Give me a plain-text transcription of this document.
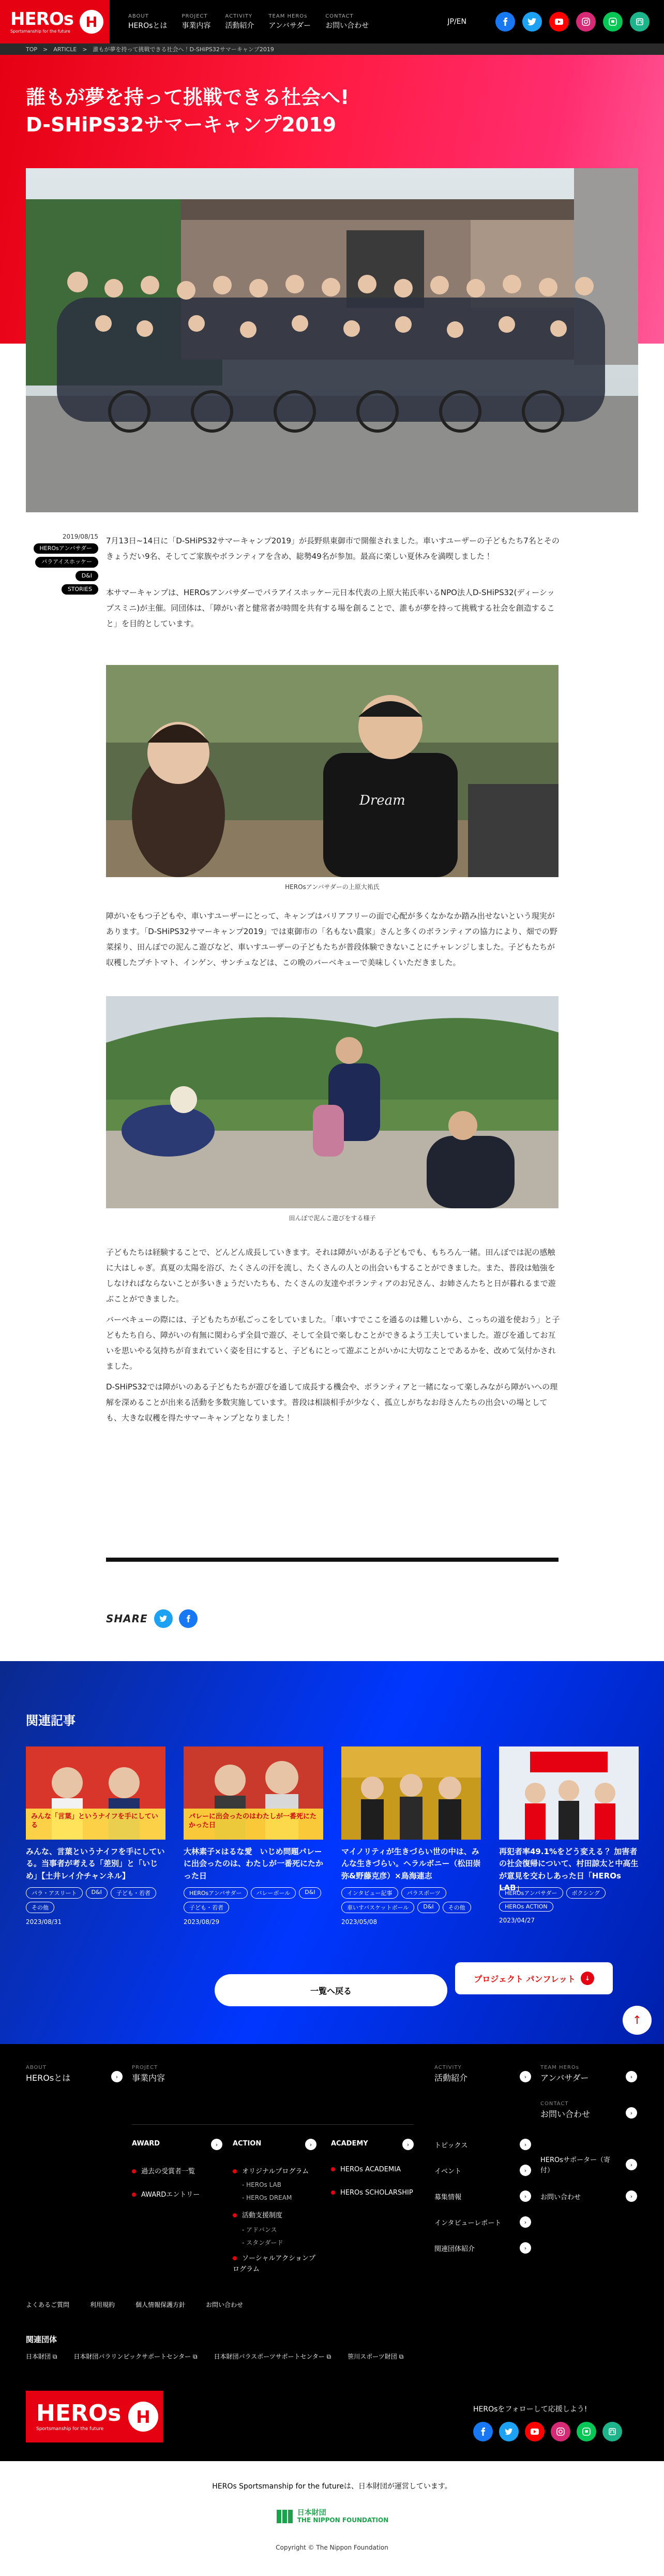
HEROs
Sportsmanship for the future
ABOUT
HEROsとは
PROJECT
事業内容
ACTIVITY
活動紹介
TEAM HEROs
アンバサダー
CONTACT
お問い合わせ	JP/EN
TOP　>　ARTICLE　>　誰もが夢を持って挑戦できる社会へ！D-SHiPS32サマーキャンプ2019
誰もが夢を持って挑戦できる社会へ!
D-SHiPS32サマーキャンプ2019
2019/08/15
HEROsアンバサダー
パラアイスホッケー
D&I
STORIES

7月13日~14日に「D-SHiPS32サマーキャンプ2019」が長野県東御市で開催されました。車いすユーザーの子どもたち7名とそのきょうだい9名、そしてご家族やボランティアを含め、総勢49名が参加。最高に楽しい夏休みを満喫しました！

本サマーキャンプは、HEROsアンバサダーでパラアイスホッケー元日本代表の上原大祐氏率いるNPO法人D-SHiPS32(ディーシップスミニ)が主催。同団体は、「障がい者と健常者が時間を共有する場を創ることで、誰もが夢を持って挑戦する社会を創造すること」を目的としています。

Dream

HEROsアンバサダーの上原大祐氏

障がいをもつ子どもや、車いすユーザーにとって、キャンプはバリアフリーの面で心配が多くなかなか踏み出せないという現実があります。「D-SHiPS32サマーキャンプ2019」では東御市の「名もない農家」さんと多くのボランティアの協力により、畑での野菜採り、田んぼでの泥んこ遊びなど、車いすユーザーの子どもたちが普段体験できないことにチャレンジしました。子どもたちが収穫したプチトマト、インゲン、サンチュなどは、この晩のバーベキューで美味しくいただきました。

田んぼで泥んこ遊びをする様子

子どもたちは経験することで、どんどん成長していきます。それは障がいがある子どもでも、もちろん一緒。田んぼでは泥の感触に大はしゃぎ。真夏の太陽を浴び、たくさんの汗を流し、たくさんの人との出会いもすることができました。また、普段は勉強をしなければならないことが多いきょうだいたちも、たくさんの友達やボランティアのお兄さん、お姉さんたちと日が暮れるまで遊ぶことができました。

バーベキューの際には、子どもたちが私ごっこをしていました。「車いすでここを通るのは難しいから、こっちの道を使おう」と子どもたち自ら、障がいの有無に関わらず全員で遊び、そして全員で楽しむことができるよう工夫していました。遊びを通してお互いを思いやる気持ちが育まれていく姿を目にすると、子どもにとって遊ぶことがいかに大切なことであるかを、改めて気付かされました。

D-SHiPS32では障がいのある子どもたちが遊びを通して成長する機会や、ボランティアと一緒になって楽しみながら障がいへの理解を深めることが出来る活動を多数実施しています。普段は相談相手が少なく、孤立しがちなお母さんたちの出会いの場としても、大きな収穫を得たサマーキャンプとなりました！

SHARE
関連記事
みんな「言葉」というナイフを手にしている
みんな、言葉というナイフを手にしている。当事者が考える「差別」と「いじめ」【土井レイ介チャンネル】
パラ・アスリート	D&I	子ども・若者
その他
2023/08/31
パレーに出会ったのはわたしが一番死にたかった日
大林素子×はるな愛　いじめ問題パレーに出会ったのは、わたしが一番死にたかった日
HEROsアンバサダー	バレーボール	D&I
子ども・若者
2023/08/29
マイノリティが生きづらい世の中は、みんな生きづらい。ヘラルボニー（松田崇弥&野藤克彦）×鳥海連志
インタビュー記事	パラスポーツ
車いすバスケットボール	D&I	その他
2023/05/08
再犯者率49.1%をどう変える？ 加害者の社会復帰について、村田諒太と中高生が意見を交わしあった日「HEROs LAB」
HEROsアンバサダー	ボクシング
HEROs ACTION
2023/04/27
一覧へ戻る
プロジェクト パンフレット	↓
↑
ABOUT
HEROsとは	›
PROJECT
事業内容
ACTIVITY
活動紹介	›
TEAM HEROs
アンバサダー	›
CONTACT
お問い合わせ	›
AWARD	›
過去の受賞者一覧
AWARDエントリー
ACTION	›
オリジナルプログラム
- HEROs LAB
- HEROs DREAM
活動支援制度
- アドバンス
- スタンダード
ソーシャルアクションプログラム
ACADEMY	›
HEROs ACADEMIA
HEROs SCHOLARSHIP
トピックス	›
イベント	›
募集情報	›
インタビューレポート	›
関連団体紹介	›
HEROsサポーター（寄付）
›
お問い合わせ	›
よくあるご質問	利用規約	個人情報保護方針	お問い合わせ
関連団体
日本財団 ⧉	日本財団パラリンピックサポートセンター ⧉	日本財団パラスポーツサポートセンター ⧉	笹川スポーツ財団 ⧉
HEROs
Sportsmanship for the future
HEROsをフォローして応援しよう!
HEROs Sportsmanship for the futureは、日本財団が運営しています。
日本財団
THE NIPPON FOUNDATION
Copyright © The Nippon Foundation
